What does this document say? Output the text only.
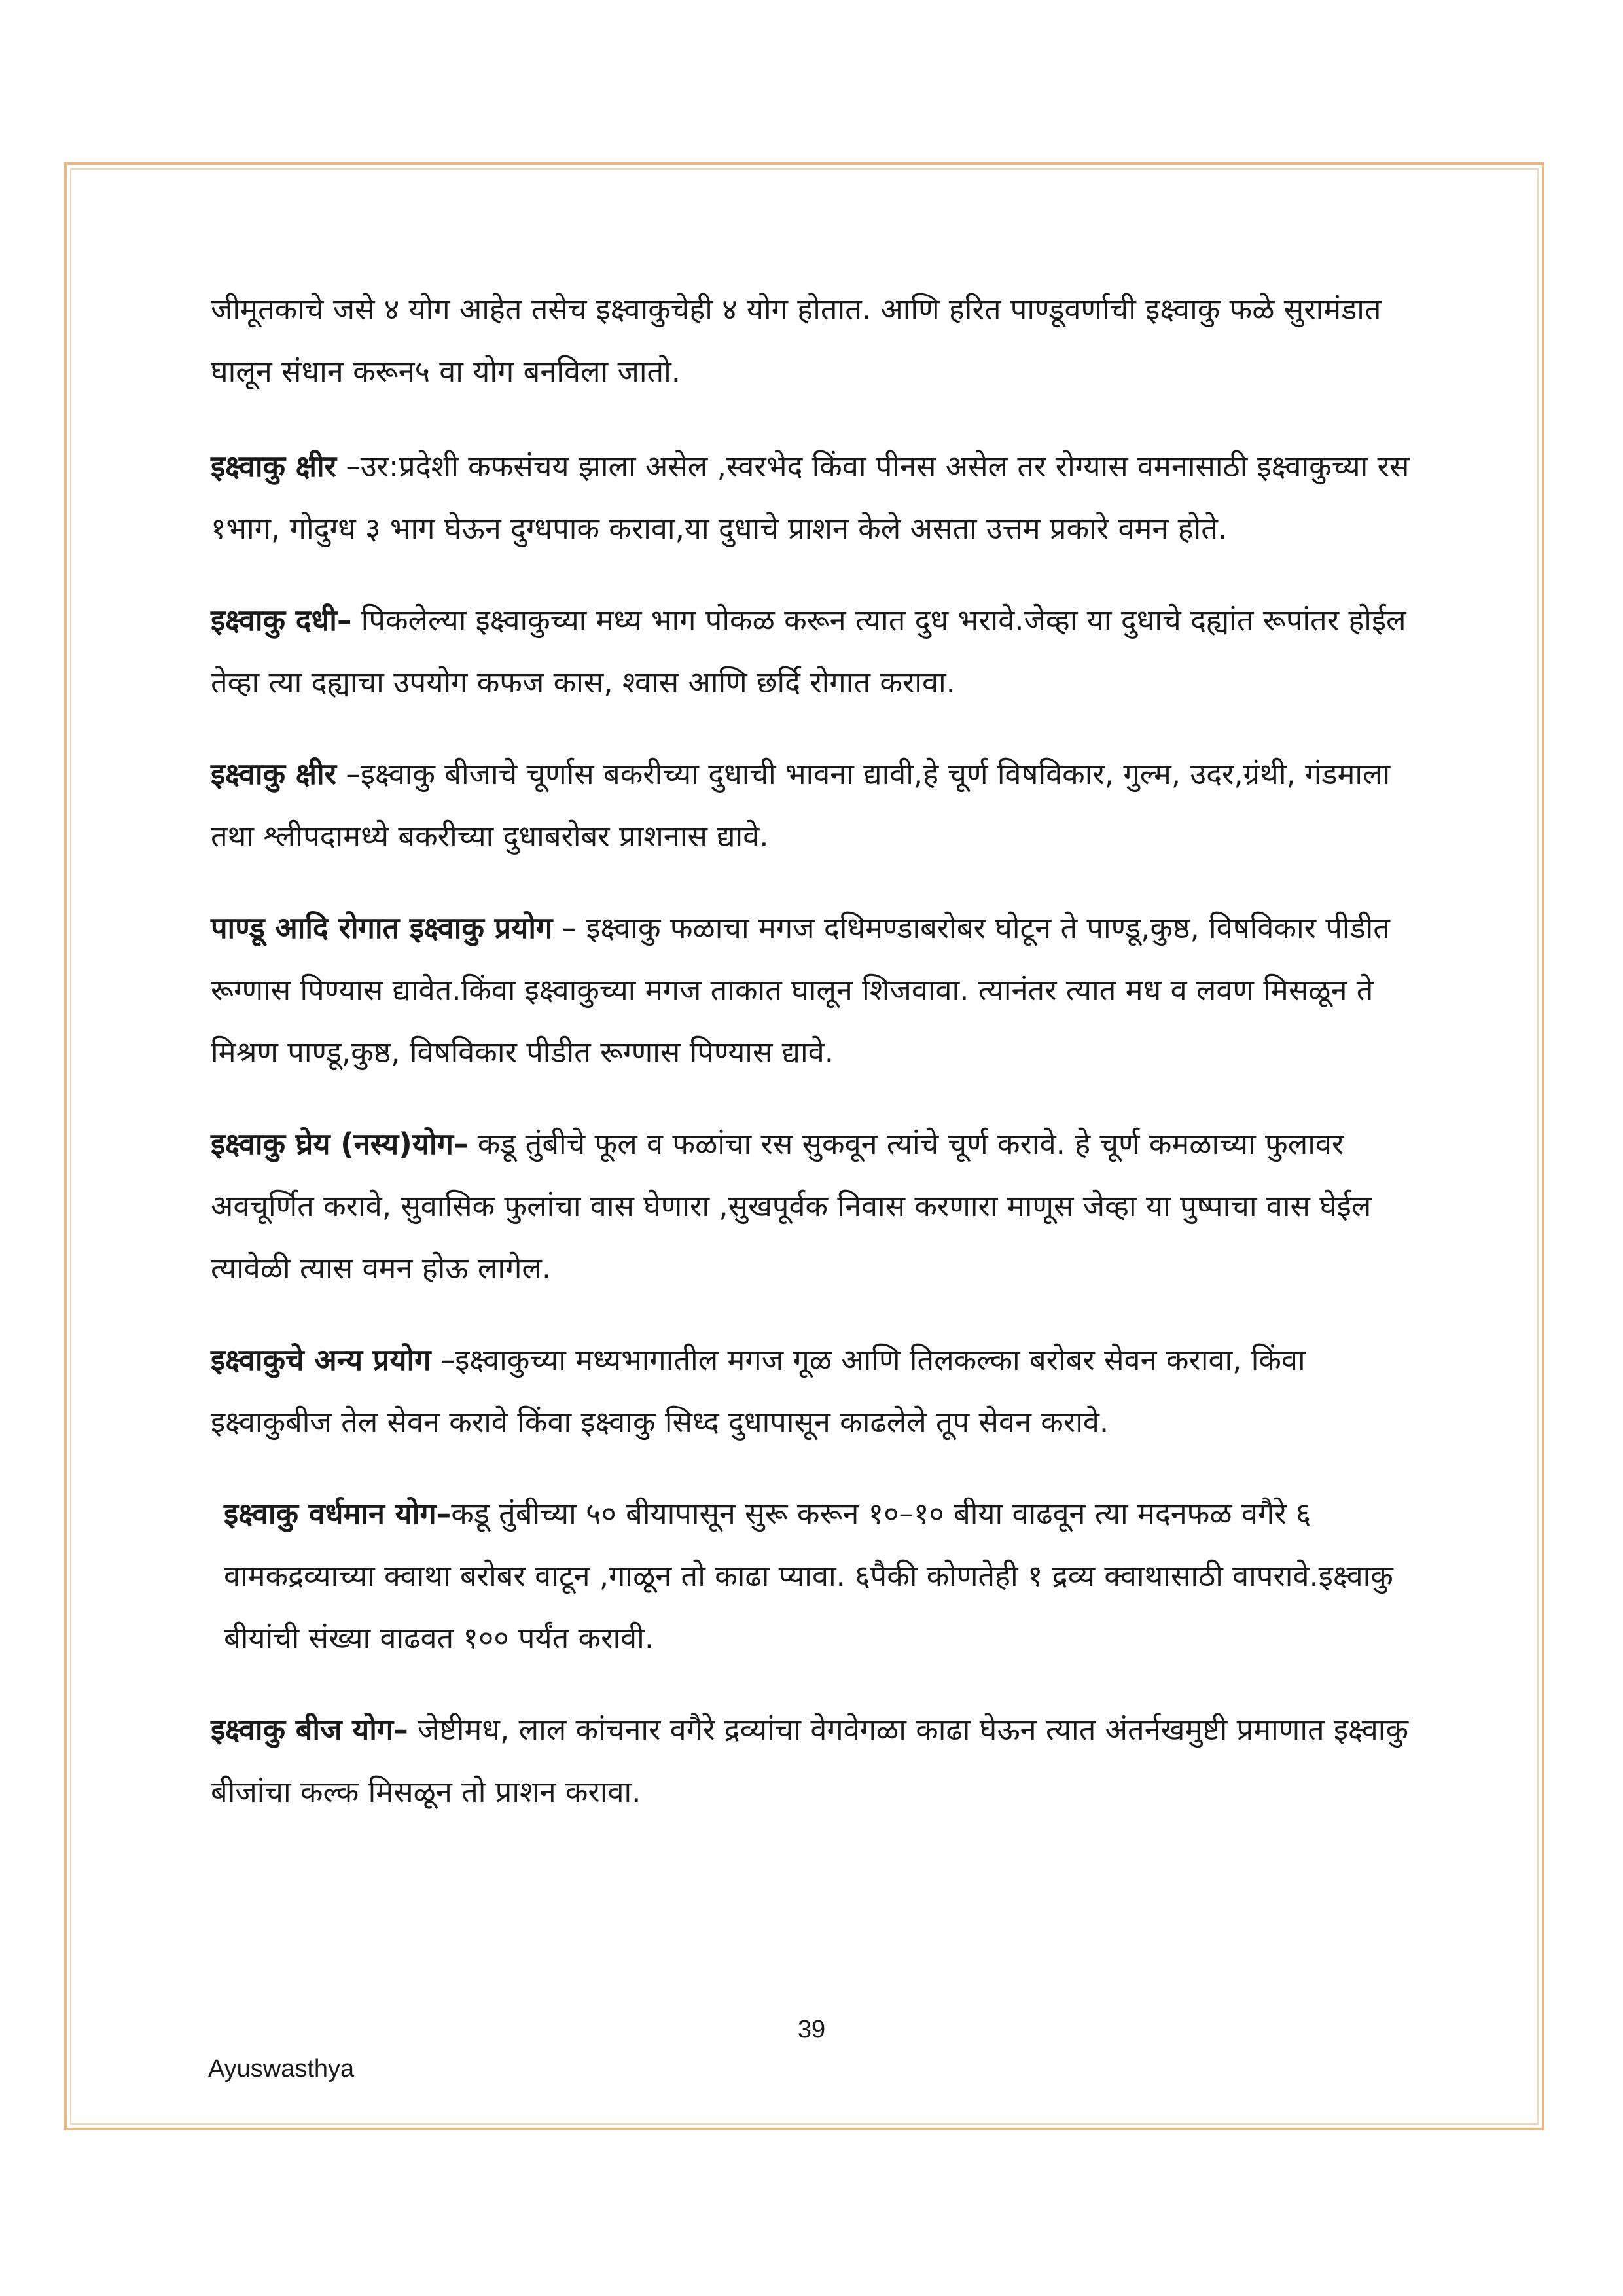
जीमूतकाचे जसे ४ योग आहेत तसेच इक्ष्वाकुचेही ४ योग होतात. आणि हरित पाण्डूवर्णाची इक्ष्वाकु फळे सुरामंडात घालून संधान करून५ वा योग बनविला जातो.

इक्ष्वाकु क्षीर –उर:प्रदेशी कफसंचय झाला असेल ,स्वरभेद किंवा पीनस असेल तर रोग्यास वमनासाठी इक्ष्वाकुच्या रस १भाग, गोदुग्ध ३ भाग घेऊन दुग्धपाक करावा,या दुधाचे प्राशन केले असता उत्तम प्रकारे वमन होते.

इक्ष्वाकु दधी– पिकलेल्या इक्ष्वाकुच्या मध्य भाग पोकळ करून त्यात दुध भरावे.जेव्हा या दुधाचे दह्यांत रूपांतर होईल तेव्हा त्या दह्याचा उपयोग कफज कास, श्वास आणि छर्दि रोगात करावा.

इक्ष्वाकु क्षीर –इक्ष्वाकु बीजाचे चूर्णास बकरीच्या दुधाची भावना द्यावी,हे चूर्ण विषविकार, गुल्म, उदर,ग्रंथी, गंडमाला तथा श्लीपदामध्ये बकरीच्या दुधाबरोबर प्राशनास द्यावे.

पाण्डू आदि रोगात इक्ष्वाकु प्रयोग – इक्ष्वाकु फळाचा मगज दधिमण्डाबरोबर घोटून ते पाण्डू,कुष्ठ, विषविकार पीडीत रूग्णास पिण्यास द्यावेत.किंवा इक्ष्वाकुच्या मगज ताकात घालून शिजवावा. त्यानंतर त्यात मध व लवण मिसळून ते मिश्रण पाण्डू,कुष्ठ, विषविकार पीडीत रूग्णास पिण्यास द्यावे.

इक्ष्वाकु घ्रेय (नस्य)योग– कडू तुंबीचे फूल व फळांचा रस सुकवून त्यांचे चूर्ण करावे. हे चूर्ण कमळाच्या फुलावर अवचूर्णित करावे, सुवासिक फुलांचा वास घेणारा ,सुखपूर्वक निवास करणारा माणूस जेव्हा या पुष्पाचा वास घेईल त्यावेळी त्यास वमन होऊ लागेल.

इक्ष्वाकुचे अन्य प्रयोग –इक्ष्वाकुच्या मध्यभागातील मगज गूळ आणि तिलकल्का बरोबर सेवन करावा, किंवा इक्ष्वाकुबीज तेल सेवन करावे किंवा इक्ष्वाकु सिध्द दुधापासून काढलेले तूप सेवन करावे.

इक्ष्वाकु वर्धमान योग–कडू तुंबीच्या ५० बीयापासून सुरू करून १०–१० बीया वाढवून त्या मदनफळ वगैरे ६ वामकद्रव्याच्या क्वाथा बरोबर वाटून ,गाळून तो काढा प्यावा. ६पैकी कोणतेही १ द्रव्य क्वाथासाठी वापरावे.इक्ष्वाकु बीयांची संख्या वाढवत १०० पर्यंत करावी.

इक्ष्वाकु बीज योग– जेष्टीमध, लाल कांचनार वगैरे द्रव्यांचा वेगवेगळा काढा घेऊन त्यात अंतर्नखमुष्टी प्रमाणात इक्ष्वाकु बीजांचा कल्क मिसळून तो प्राशन करावा.

39
Ayuswasthya
